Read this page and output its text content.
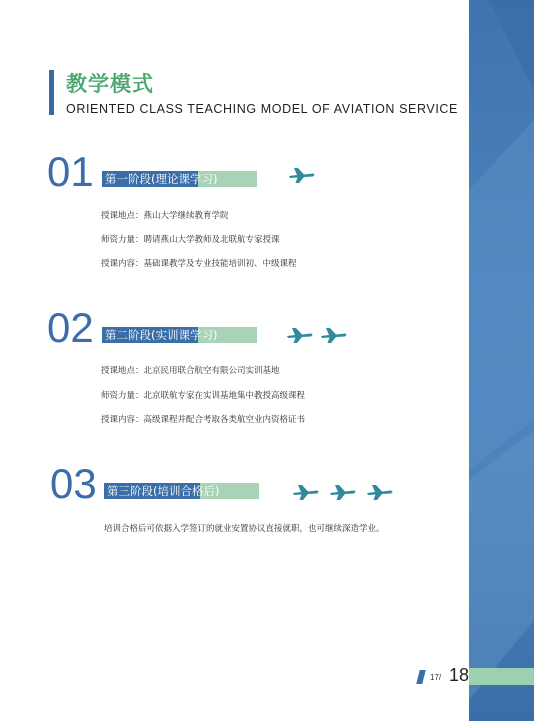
教学模式
ORIENTED CLASS TEACHING MODEL OF AVIATION SERVICE
01 第一阶段(理论课学习)
授课地点：燕山大学继续教育学院
师资力量：聘请燕山大学教师及北联航专家授课
授课内容：基础课教学及专业技能培训初、中级课程
02 第二阶段(实训课学习)
授课地点：北京民用联合航空有限公司实训基地
师资力量：北京联航专家在实训基地集中教授高级课程
授课内容：高级课程并配合考取各类航空业内资格证书
03 第三阶段(培训合格后)
培训合格后可依据入学签订的就业安置协议直接就职，也可继续深造学业。
17/ 18
